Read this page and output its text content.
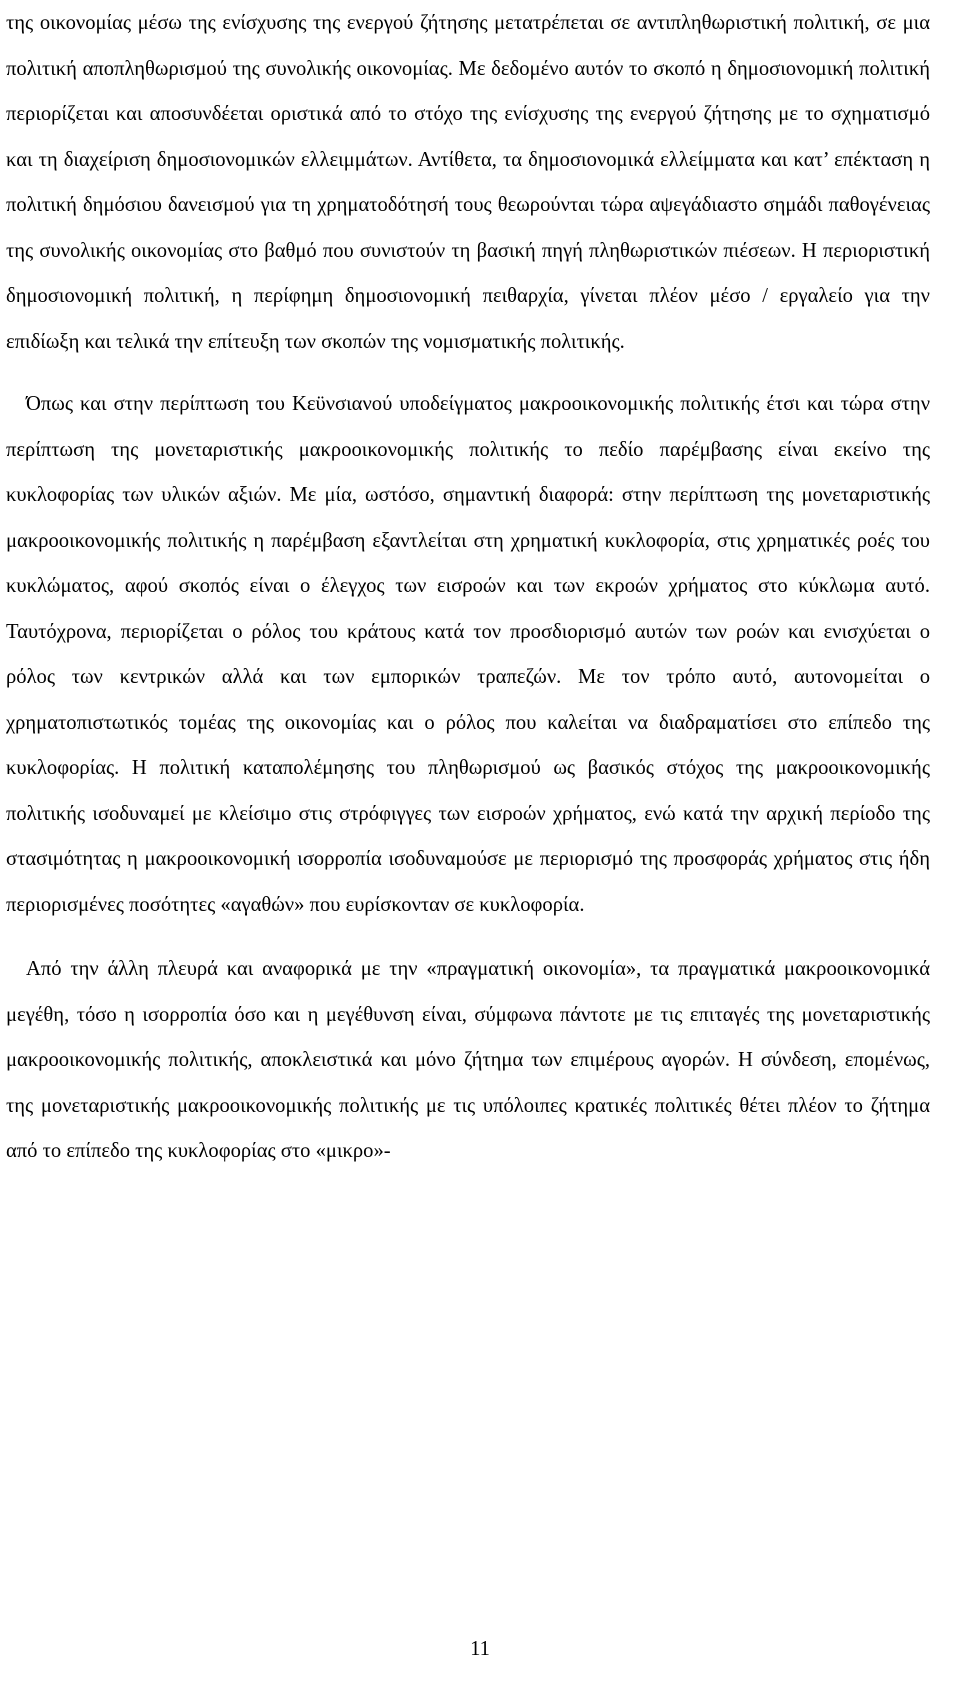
της οικονομίας μέσω της ενίσχυσης της ενεργού ζήτησης μετατρέπεται σε αντιπληθωριστική πολιτική, σε μια πολιτική αποπληθωρισμού της συνολικής οικονομίας. Με δεδομένο αυτόν το σκοπό η δημοσιονομική πολιτική περιορίζεται και αποσυνδέεται οριστικά από το στόχο της ενίσχυσης της ενεργού ζήτησης με το σχηματισμό και τη διαχείριση δημοσιονομικών ελλειμμάτων. Αντίθετα, τα δημοσιονομικά ελλείμματα και κατ’ επέκταση η πολιτική δημόσιου δανεισμού για τη χρηματοδότησή τους θεωρούνται τώρα αψεγάδιαστο σημάδι παθογένειας της συνολικής οικονομίας στο βαθμό που συνιστούν τη βασική πηγή πληθωριστικών πιέσεων. Η περιοριστική δημοσιονομική πολιτική, η περίφημη δημοσιονομική πειθαρχία, γίνεται πλέον μέσο / εργαλείο για την επιδίωξη και τελικά την επίτευξη των σκοπών της νομισματικής πολιτικής.

Όπως και στην περίπτωση του Κεϋνσιανού υποδείγματος μακροοικονομικής πολιτικής έτσι και τώρα στην περίπτωση της μονεταριστικής μακροοικονομικής πολιτικής το πεδίο παρέμβασης είναι εκείνο της κυκλοφορίας των υλικών αξιών. Με μία, ωστόσο, σημαντική διαφορά: στην περίπτωση της μονεταριστικής μακροοικονομικής πολιτικής η παρέμβαση εξαντλείται στη χρηματική κυκλοφορία, στις χρηματικές ροές του κυκλώματος, αφού σκοπός είναι ο έλεγχος των εισροών και των εκροών χρήματος στο κύκλωμα αυτό. Ταυτόχρονα, περιορίζεται ο ρόλος του κράτους κατά τον προσδιορισμό αυτών των ροών και ενισχύεται ο ρόλος των κεντρικών αλλά και των εμπορικών τραπεζών. Με τον τρόπο αυτό, αυτονομείται ο χρηματοπιστωτικός τομέας της οικονομίας και ο ρόλος που καλείται να διαδραματίσει στο επίπεδο της κυκλοφορίας. Η πολιτική καταπολέμησης του πληθωρισμού ως βασικός στόχος της μακροοικονομικής πολιτικής ισοδυναμεί με κλείσιμο στις στρόφιγγες των εισροών χρήματος, ενώ κατά την αρχική περίοδο της στασιμότητας η μακροοικονομική ισορροπία ισοδυναμούσε με περιορισμό της προσφοράς χρήματος στις ήδη περιορισμένες ποσότητες «αγαθών» που ευρίσκονταν σε κυκλοφορία.

Από την άλλη πλευρά και αναφορικά με την «πραγματική οικονομία», τα πραγματικά μακροοικονομικά μεγέθη, τόσο η ισορροπία όσο και η μεγέθυνση είναι, σύμφωνα πάντοτε με τις επιταγές της μονεταριστικής μακροοικονομικής πολιτικής, αποκλειστικά και μόνο ζήτημα των επιμέρους αγορών. Η σύνδεση, επομένως, της μονεταριστικής μακροοικονομικής πολιτικής με τις υπόλοιπες κρατικές πολιτικές θέτει πλέον το ζήτημα από το επίπεδο της κυκλοφορίας στο «μικρο»-

11
